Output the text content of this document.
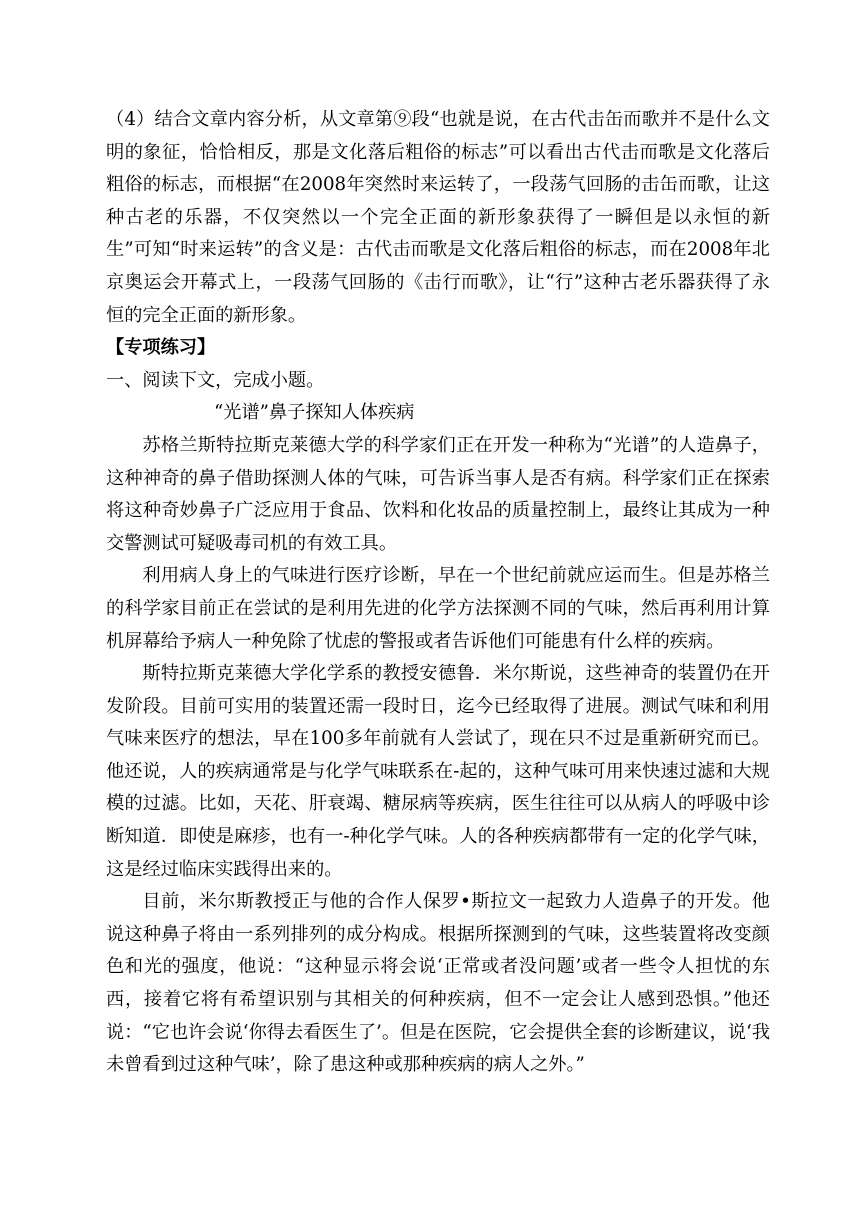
（4）结合文章内容分析，从文章第⑨段“也就是说，在古代击缶而歌并不是什么文明的象征，恰恰相反，那是文化落后粗俗的标志”可以看出古代击而歌是文化落后粗俗的标志，而根据“在2008年突然时来运转了，一段荡气回肠的击缶而歌，让这种古老的乐器，不仅突然以一个完全正面的新形象获得了一瞬但是以永恒的新生”可知“时来运转”的含义是：古代击而歌是文化落后粗俗的标志，而在2008年北京奥运会开幕式上，一段荡气回肠的《击行而歌》，让“行”这种古老乐器获得了永恒的完全正面的新形象。

【专项练习】

一、阅读下文，完成小题。

“光谱”鼻子探知人体疾病

苏格兰斯特拉斯克莱德大学的科学家们正在开发一种称为“光谱”的人造鼻子，这种神奇的鼻子借助探测人体的气味，可告诉当事人是否有病。科学家们正在探索将这种奇妙鼻子广泛应用于食品、饮料和化妆品的质量控制上，最终让其成为一种交警测试可疑吸毒司机的有效工具。

利用病人身上的气味进行医疗诊断，早在一个世纪前就应运而生。但是苏格兰的科学家目前正在尝试的是利用先进的化学方法探测不同的气味，然后再利用计算机屏幕给予病人一种免除了忧虑的警报或者告诉他们可能患有什么样的疾病。

斯特拉斯克莱德大学化学系的教授安德鲁．米尔斯说，这些神奇的装置仍在开发阶段。目前可实用的装置还需一段时日，迄今已经取得了进展。测试气味和利用气味来医疗的想法，早在100多年前就有人尝试了，现在只不过是重新研究而已。他还说，人的疾病通常是与化学气味联系在-起的，这种气味可用来快速过滤和大规模的过滤。比如，天花、肝衰竭、糖尿病等疾病，医生往往可以从病人的呼吸中诊断知道．即使是麻疹，也有一-种化学气味。人的各种疾病都带有一定的化学气味，这是经过临床实践得出来的。

目前，米尔斯教授正与他的合作人保罗•斯拉文一起致力人造鼻子的开发。他说这种鼻子将由一系列排列的成分构成。根据所探测到的气味，这些装置将改变颜色和光的强度，他说：“这种显示将会说‘正常或者没问题’或者一些令人担忧的东西，接着它将有希望识别与其相关的何种疾病，但不一定会让人感到恐惧。”他还说：“它也许会说‘你得去看医生了’。但是在医院，它会提供全套的诊断建议，说‘我未曾看到过这种气味’，除了患这种或那种疾病的病人之外。”
